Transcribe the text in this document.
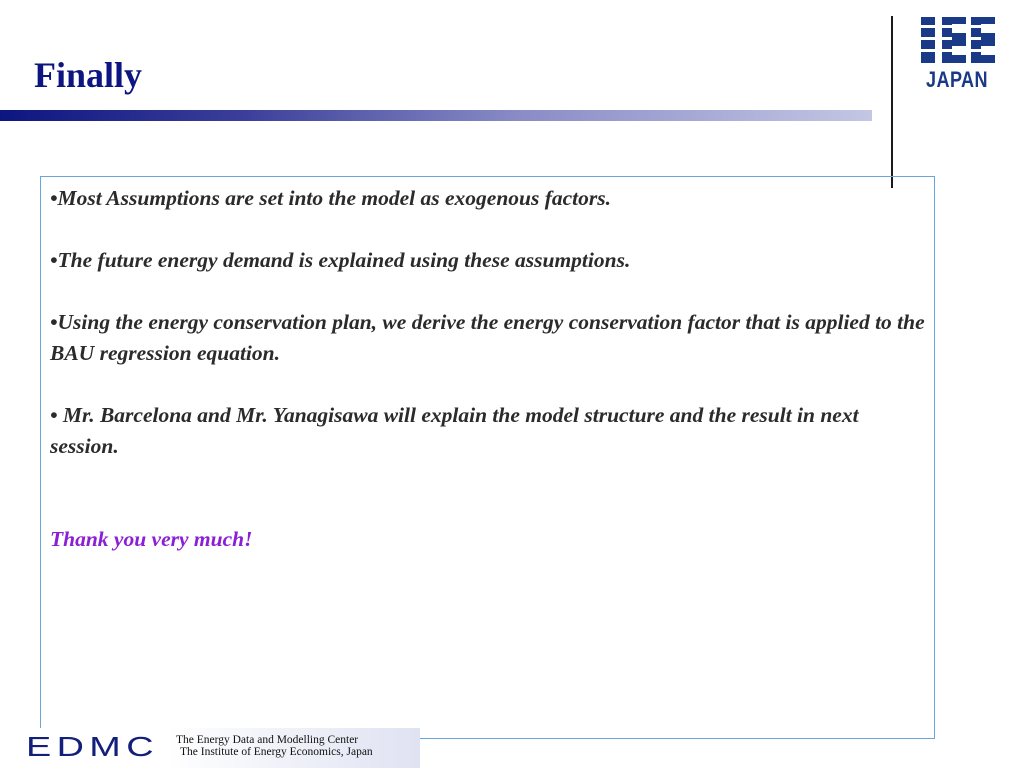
Finally	JAPAN
•Most Assumptions are set into the model as exogenous factors.
•The future energy demand is explained using these assumptions.
•Using the energy conservation plan, we derive the energy conservation factor that is applied to the BAU regression equation.
• Mr. Barcelona and Mr. Yanagisawa will explain the model structure and the result in next session.
Thank you very much!
EDMC The Energy Data and Modelling Center
The Institute of Energy Economics, Japan
